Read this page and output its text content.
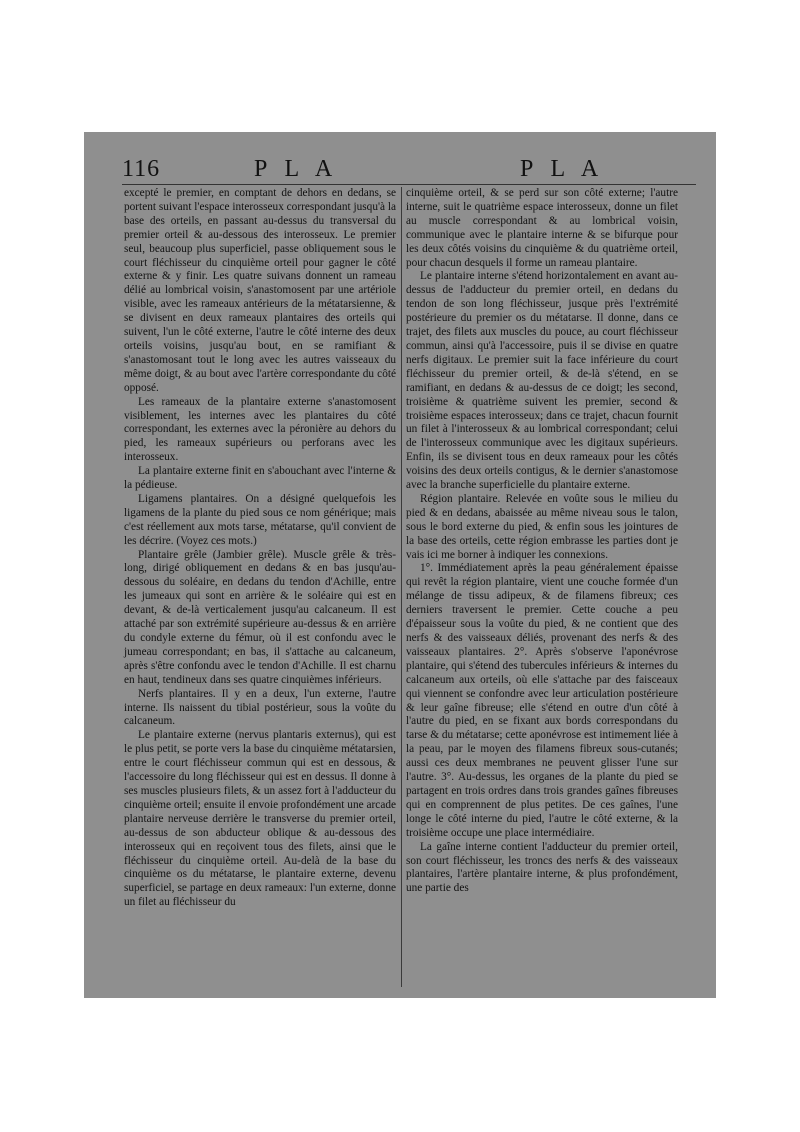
116	P L A	P L A

excepté le premier, en comptant de dehors en dedans, se portent suivant l'espace interosseux correspondant jusqu'à la base des orteils, en passant au-dessus du transversal du premier orteil & au-dessous des interosseux. Le premier seul, beaucoup plus superficiel, passe obliquement sous le court fléchisseur du cinquième orteil pour gagner le côté externe & y finir. Les quatre suivans donnent un rameau délié au lombrical voisin, s'anastomosent par une artériole visible, avec les rameaux antérieurs de la métatarsienne, & se divisent en deux rameaux plantaires des orteils qui suivent, l'un le côté externe, l'autre le côté interne des deux orteils voisins, jusqu'au bout, en se ramifiant & s'anastomosant tout le long avec les autres vaisseaux du même doigt, & au bout avec l'artère correspondante du côté opposé.

Les rameaux de la plantaire externe s'anastomosent visiblement, les internes avec les plantaires du côté correspondant, les externes avec la péronière au dehors du pied, les rameaux supérieurs ou perforans avec les interosseux.

La plantaire externe finit en s'abouchant avec l'interne & la pédieuse.

Ligamens plantaires. On a désigné quelquefois les ligamens de la plante du pied sous ce nom générique; mais c'est réellement aux mots tarse, métatarse, qu'il convient de les décrire. (Voyez ces mots.)

Plantaire grêle (Jambier grêle). Muscle grêle & très-long, dirigé obliquement en dedans & en bas jusqu'au-dessous du soléaire, en dedans du tendon d'Achille, entre les jumeaux qui sont en arrière & le soléaire qui est en devant, & de-là verticalement jusqu'au calcaneum. Il est attaché par son extrémité supérieure au-dessus & en arrière du condyle externe du fémur, où il est confondu avec le jumeau correspondant; en bas, il s'attache au calcaneum, après s'être confondu avec le tendon d'Achille. Il est charnu en haut, tendineux dans ses quatre cinquièmes inférieurs.

Nerfs plantaires. Il y en a deux, l'un externe, l'autre interne. Ils naissent du tibial postérieur, sous la voûte du calcaneum.

Le plantaire externe (nervus plantaris externus), qui est le plus petit, se porte vers la base du cinquième métatarsien, entre le court fléchisseur commun qui est en dessous, & l'accessoire du long fléchisseur qui est en dessus. Il donne à ses muscles plusieurs filets, & un assez fort à l'adducteur du cinquième orteil; ensuite il envoie profondément une arcade plantaire nerveuse derrière le transverse du premier orteil, au-dessus de son abducteur oblique & au-dessous des interosseux qui en reçoivent tous des filets, ainsi que le fléchisseur du cinquième orteil. Au-delà de la base du cinquième os du métatarse, le plantaire externe, devenu superficiel, se partage en deux rameaux: l'un externe, donne un filet au fléchisseur du

cinquième orteil, & se perd sur son côté externe; l'autre interne, suit le quatrième espace interosseux, donne un filet au muscle correspondant & au lombrical voisin, communique avec le plantaire interne & se bifurque pour les deux côtés voisins du cinquième & du quatrième orteil, pour chacun desquels il forme un rameau plantaire.

Le plantaire interne s'étend horizontalement en avant au-dessus de l'adducteur du premier orteil, en dedans du tendon de son long fléchisseur, jusque près l'extrémité postérieure du premier os du métatarse. Il donne, dans ce trajet, des filets aux muscles du pouce, au court fléchisseur commun, ainsi qu'à l'accessoire, puis il se divise en quatre nerfs digitaux. Le premier suit la face inférieure du court fléchisseur du premier orteil, & de-là s'étend, en se ramifiant, en dedans & au-dessus de ce doigt; les second, troisième & quatrième suivent les premier, second & troisième espaces interosseux; dans ce trajet, chacun fournit un filet à l'interosseux & au lombrical correspondant; celui de l'interosseux communique avec les digitaux supérieurs. Enfin, ils se divisent tous en deux rameaux pour les côtés voisins des deux orteils contigus, & le dernier s'anastomose avec la branche superficielle du plantaire externe.

Région plantaire. Relevée en voûte sous le milieu du pied & en dedans, abaissée au même niveau sous le talon, sous le bord externe du pied, & enfin sous les jointures de la base des orteils, cette région embrasse les parties dont je vais ici me borner à indiquer les connexions.

1°. Immédiatement après la peau généralement épaisse qui revêt la région plantaire, vient une couche formée d'un mélange de tissu adipeux, & de filamens fibreux; ces derniers traversent le premier. Cette couche a peu d'épaisseur sous la voûte du pied, & ne contient que des nerfs & des vaisseaux déliés, provenant des nerfs & des vaisseaux plantaires. 2°. Après s'observe l'aponévrose plantaire, qui s'étend des tubercules inférieurs & internes du calcaneum aux orteils, où elle s'attache par des faisceaux qui viennent se confondre avec leur articulation postérieure & leur gaîne fibreuse; elle s'étend en outre d'un côté à l'autre du pied, en se fixant aux bords correspondans du tarse & du métatarse; cette aponévrose est intimement liée à la peau, par le moyen des filamens fibreux sous-cutanés; aussi ces deux membranes ne peuvent glisser l'une sur l'autre. 3°. Au-dessus, les organes de la plante du pied se partagent en trois ordres dans trois grandes gaînes fibreuses qui en comprennent de plus petites. De ces gaînes, l'une longe le côté interne du pied, l'autre le côté externe, & la troisième occupe une place intermédiaire.

La gaîne interne contient l'adducteur du premier orteil, son court fléchisseur, les troncs des nerfs & des vaisseaux plantaires, l'artère plantaire interne, & plus profondément, une partie des
